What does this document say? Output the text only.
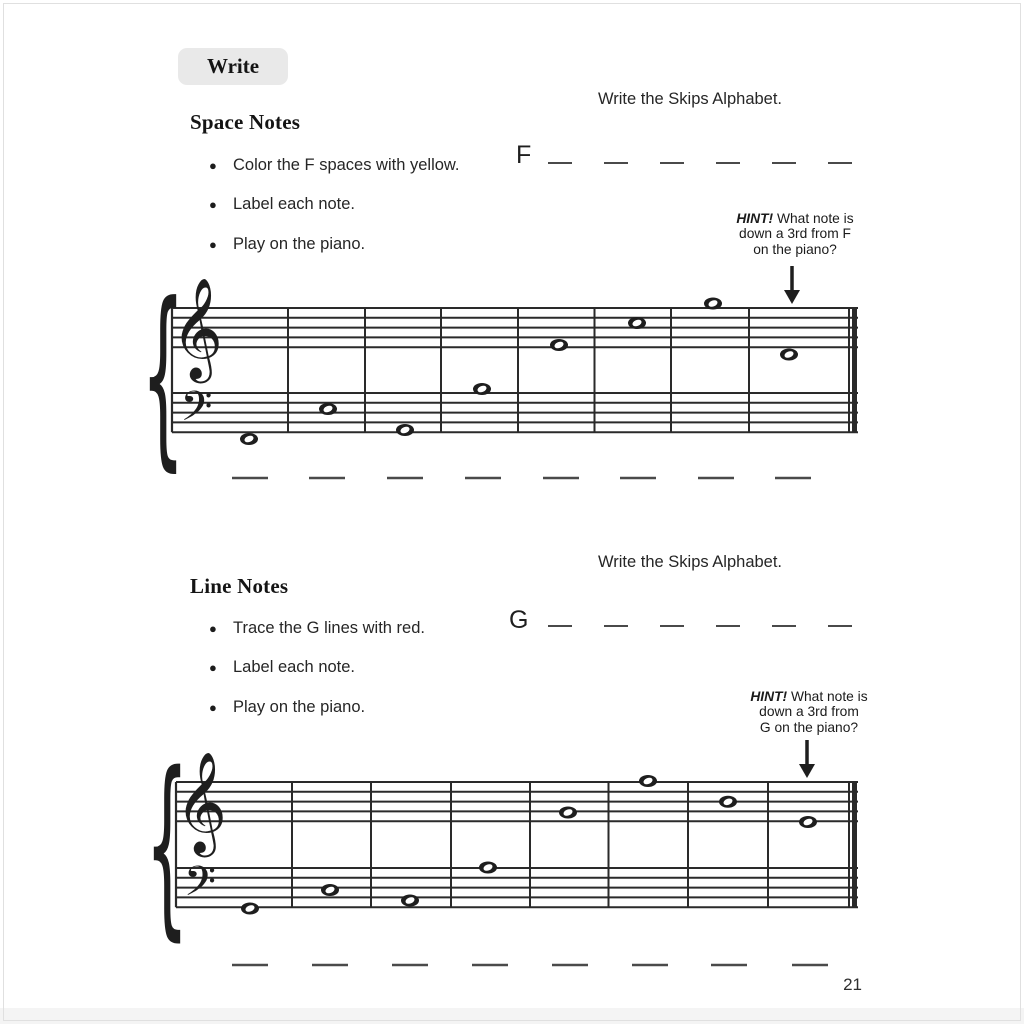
Write
Write the Skips Alphabet.
Space Notes
F
● Color the F spaces with yellow.
● Label each note.
● Play on the piano.
HINT! What note is
down a 3rd from F
on the piano?
Write the Skips Alphabet.
Line Notes
G
● Trace the G lines with red.
● Label each note.
● Play on the piano.
HINT! What note is
down a 3rd from
G on the piano?
{
𝄞
𝄢
{
𝄞
𝄢
21
